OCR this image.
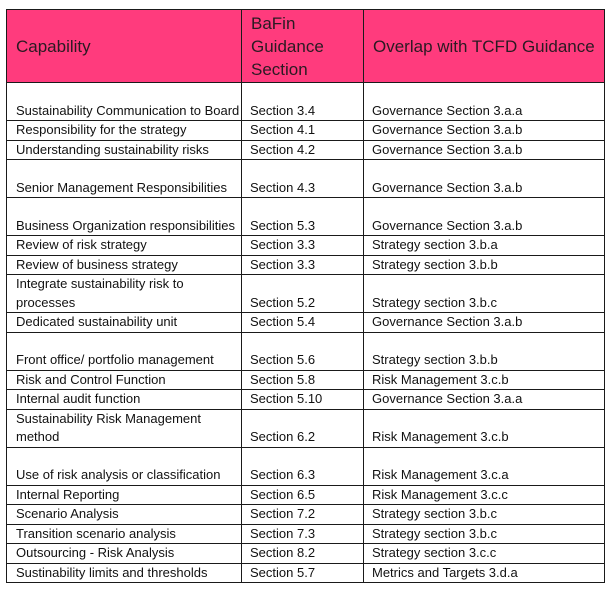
Capability	BaFin Guidance Section	Overlap with TCFD Guidance
Sustainability Communication to Board	Section 3.4	Governance Section 3.a.a
Responsibility for the strategy	Section 4.1	Governance Section 3.a.b
Understanding sustainability risks	Section 4.2	Governance Section 3.a.b
Senior Management Responsibilities	Section 4.3	Governance Section 3.a.b
Business Organization responsibilities	Section 5.3	Governance Section 3.a.b
Review of risk strategy	Section 3.3	Strategy section 3.b.a
Review of business strategy	Section 3.3	Strategy section 3.b.b
Integrate sustainability risk to processes	Section 5.2	Strategy section 3.b.c
Dedicated sustainability unit	Section 5.4	Governance Section 3.a.b
Front office/ portfolio management	Section 5.6	Strategy section 3.b.b
Risk and Control Function	Section 5.8	Risk Management 3.c.b
Internal audit function	Section 5.10	Governance Section 3.a.a
Sustainability Risk Management method	Section 6.2	Risk Management 3.c.b
Use of risk analysis or classification	Section 6.3	Risk Management 3.c.a
Internal Reporting	Section 6.5	Risk Management 3.c.c
Scenario Analysis	Section 7.2	Strategy section 3.b.c
Transition scenario analysis	Section 7.3	Strategy section 3.b.c
Outsourcing - Risk Analysis	Section 8.2	Strategy section 3.c.c
Sustinability limits and thresholds	Section 5.7	Metrics and Targets 3.d.a
